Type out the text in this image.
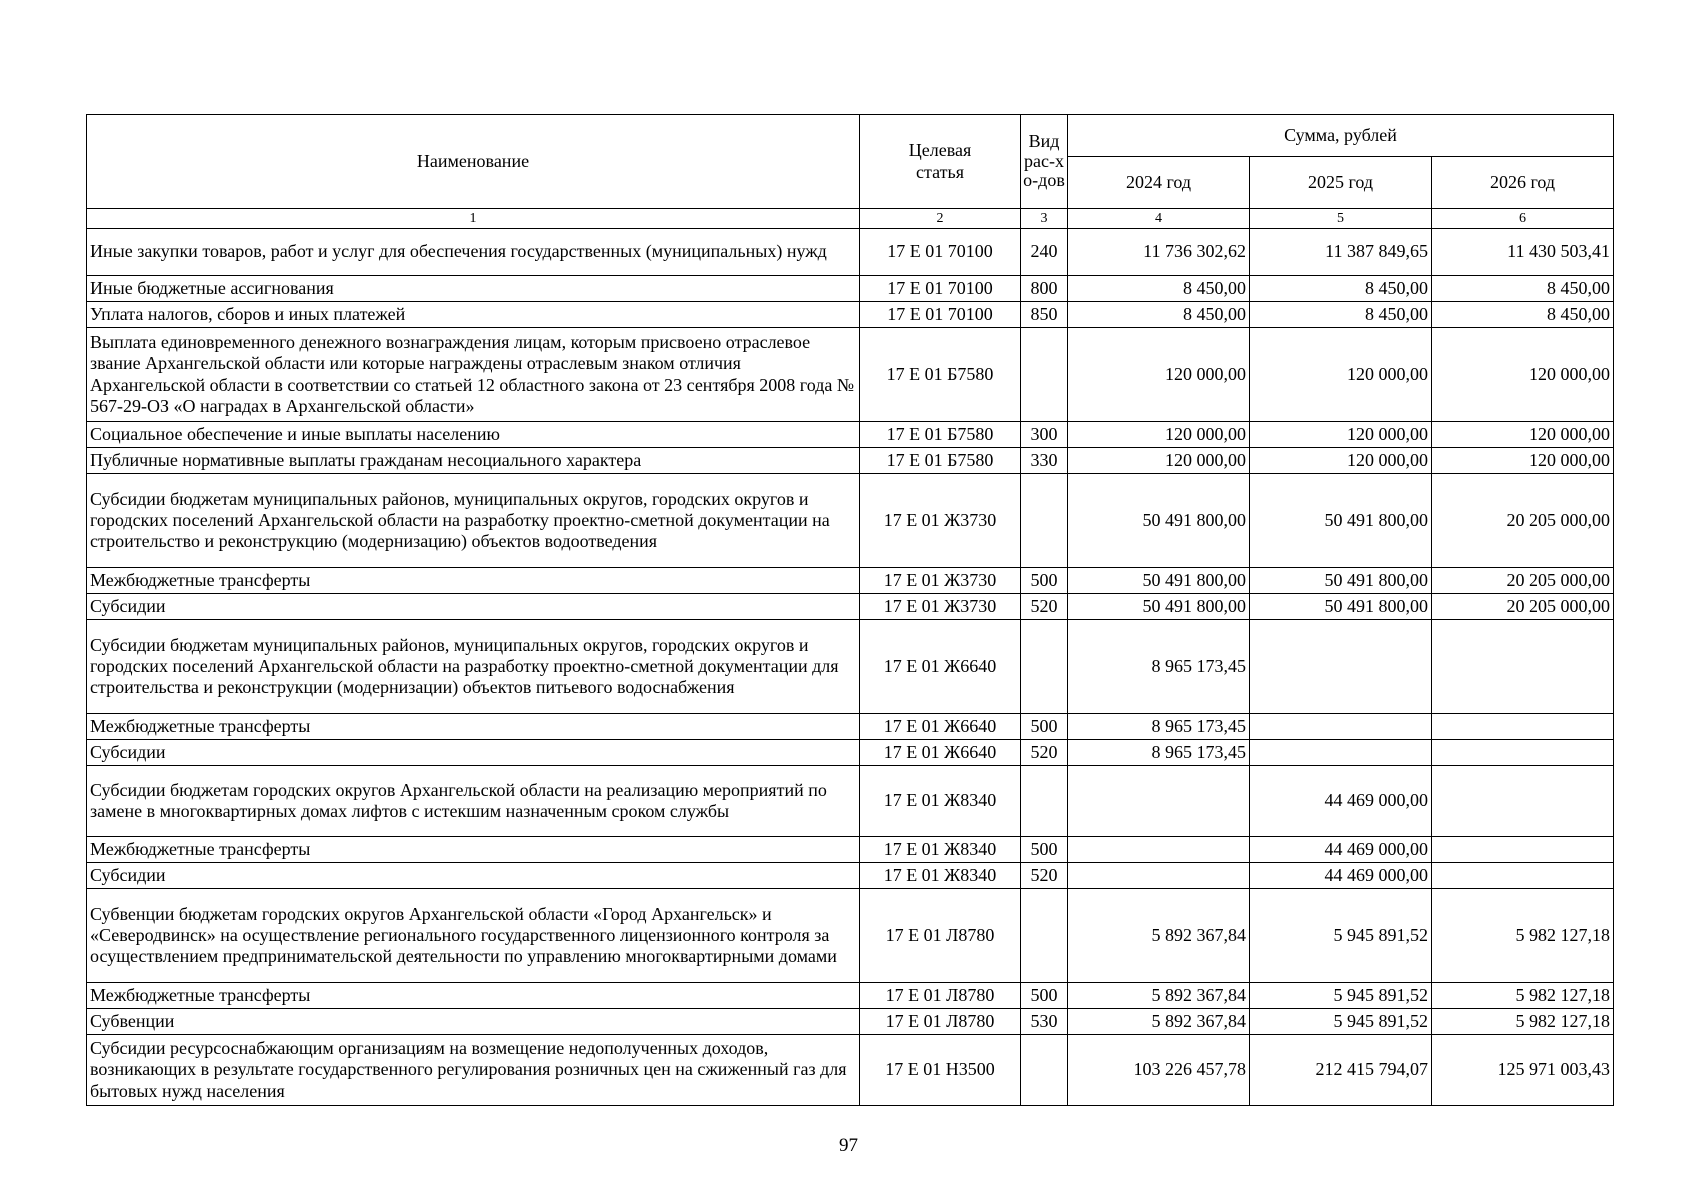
Наименование	Целевая статья	Вид рас-хо-дов	Сумма, рублей		
			2024 год	2025 год	2026 год
1	2	3	4	5	6
Иные закупки товаров, работ и услуг для обеспечения государственных (муниципальных) нужд	17 Е 01 70100	240	11 736 302,62	11 387 849,65	11 430 503,41
Иные бюджетные ассигнования	17 Е 01 70100	800	8 450,00	8 450,00	8 450,00
Уплата налогов, сборов и иных платежей	17 Е 01 70100	850	8 450,00	8 450,00	8 450,00
Выплата единовременного денежного вознаграждения лицам, которым присвоено отраслевое звание Архангельской области или которые награждены отраслевым знаком отличия Архангельской области в соответствии со статьей 12 областного закона от 23 сентября 2008 года № 567-29-ОЗ «О наградах в Архангельской области»	17 Е 01 Б7580		120 000,00	120 000,00	120 000,00
Социальное обеспечение и иные выплаты населению	17 Е 01 Б7580	300	120 000,00	120 000,00	120 000,00
Публичные нормативные выплаты гражданам несоциального характера	17 Е 01 Б7580	330	120 000,00	120 000,00	120 000,00
Субсидии бюджетам муниципальных районов, муниципальных округов, городских округов и городских поселений Архангельской области на разработку проектно-сметной документации на строительство и реконструкцию (модернизацию) объектов водоотведения	17 Е 01 Ж3730		50 491 800,00	50 491 800,00	20 205 000,00
Межбюджетные трансферты	17 Е 01 Ж3730	500	50 491 800,00	50 491 800,00	20 205 000,00
Субсидии	17 Е 01 Ж3730	520	50 491 800,00	50 491 800,00	20 205 000,00
Субсидии бюджетам муниципальных районов, муниципальных округов, городских округов и городских поселений Архангельской области на разработку проектно-сметной документации для строительства и реконструкции (модернизации) объектов питьевого водоснабжения	17 Е 01 Ж6640		8 965 173,45		
Межбюджетные трансферты	17 Е 01 Ж6640	500	8 965 173,45		
Субсидии	17 Е 01 Ж6640	520	8 965 173,45		
Субсидии бюджетам городских округов Архангельской области на реализацию мероприятий по замене в многоквартирных домах лифтов с истекшим назначенным сроком службы	17 Е 01 Ж8340			44 469 000,00	
Межбюджетные трансферты	17 Е 01 Ж8340	500		44 469 000,00	
Субсидии	17 Е 01 Ж8340	520		44 469 000,00	
Субвенции бюджетам городских округов Архангельской области «Город Архангельск» и «Северодвинск» на осуществление регионального государственного лицензионного контроля за осуществлением предпринимательской деятельности по управлению многоквартирными домами	17 Е 01 Л8780		5 892 367,84	5 945 891,52	5 982 127,18
Межбюджетные трансферты	17 Е 01 Л8780	500	5 892 367,84	5 945 891,52	5 982 127,18
Субвенции	17 Е 01 Л8780	530	5 892 367,84	5 945 891,52	5 982 127,18
Субсидии ресурсоснабжающим организациям на возмещение недополученных доходов, возникающих в результате государственного регулирования розничных цен на сжиженный газ для бытовых нужд населения	17 Е 01 Н3500		103 226 457,78	212 415 794,07	125 971 003,43
97
